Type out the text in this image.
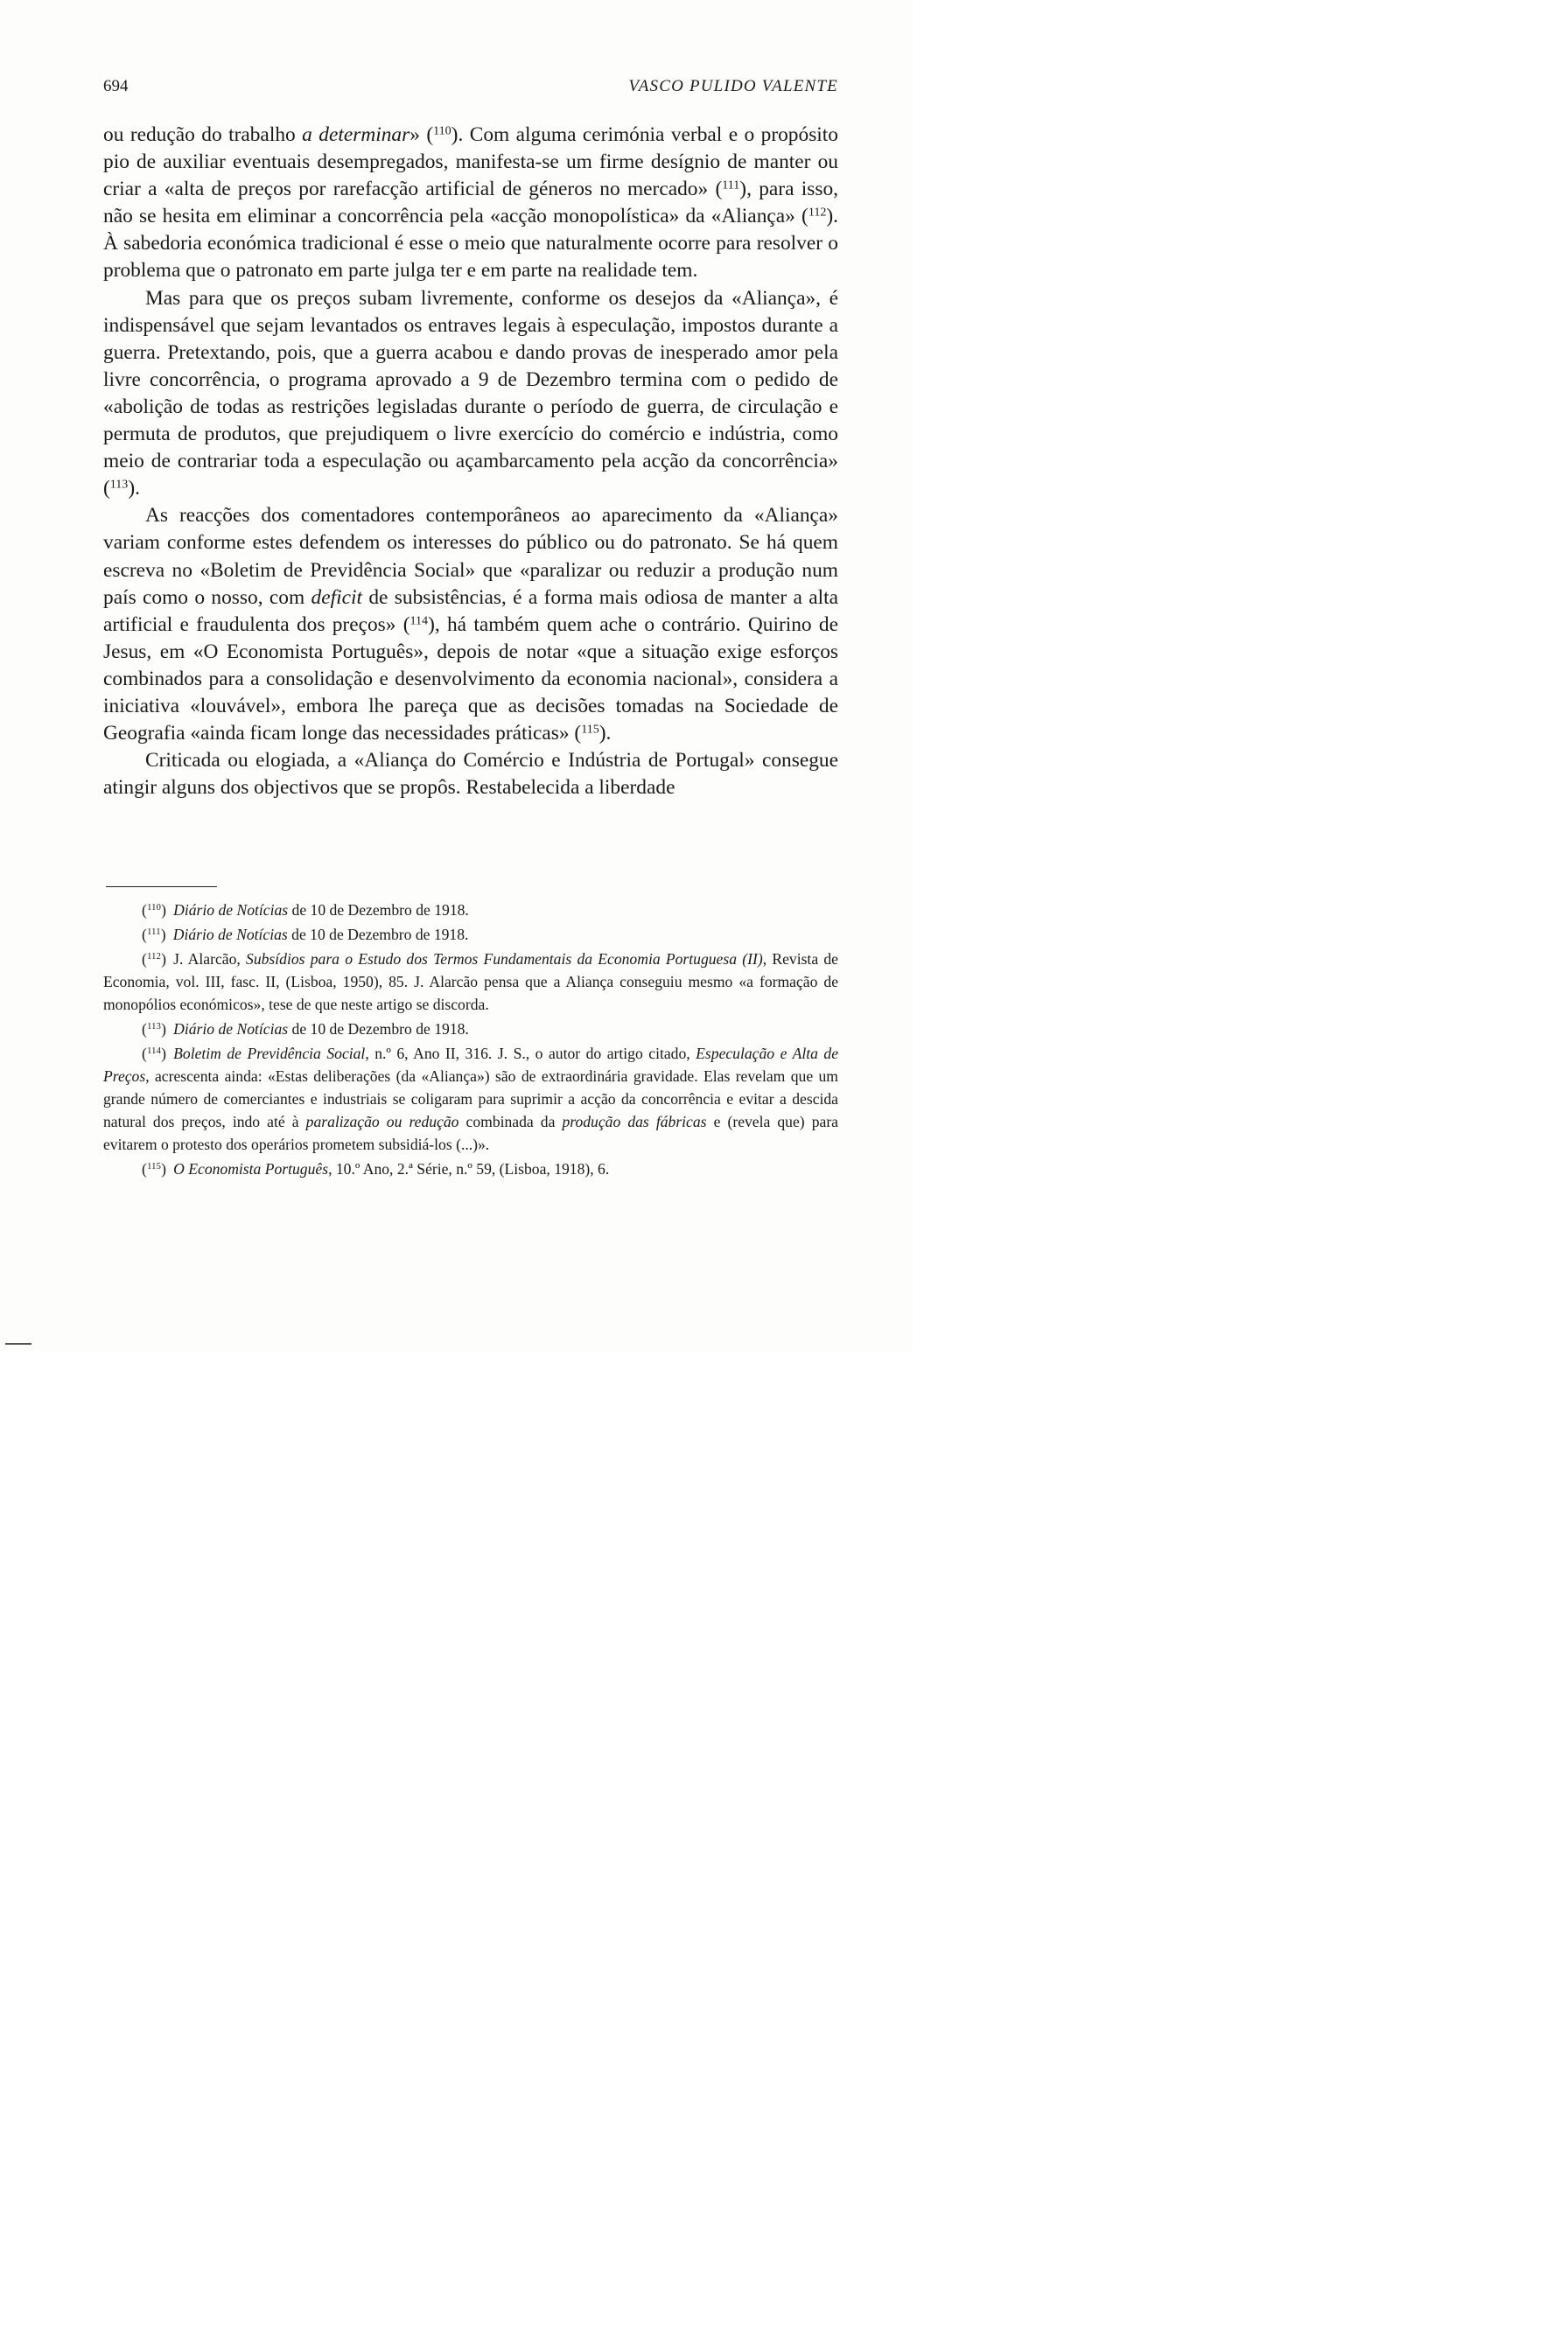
694	VASCO PULIDO VALENTE

ou redução do trabalho a determinar» ($^{110}$). Com alguma cerimónia verbal e o propósito pio de auxiliar eventuais desempregados, manifesta-se um firme desígnio de manter ou criar a «alta de preços por rarefacção artificial de géneros no mercado» ($^{111}$), para isso, não se hesita em eliminar a concorrência pela «acção monopolística» da «Aliança» ($^{112}$). À sabedoria económica tradicional é esse o meio que naturalmente ocorre para resolver o problema que o patronato em parte julga ter e em parte na realidade tem.

Mas para que os preços subam livremente, conforme os desejos da «Aliança», é indispensável que sejam levantados os entraves legais à especulação, impostos durante a guerra. Pretextando, pois, que a guerra acabou e dando provas de inesperado amor pela livre concorrência, o programa aprovado a 9 de Dezembro termina com o pedido de «abolição de todas as restrições legisladas durante o período de guerra, de circulação e permuta de produtos, que prejudiquem o livre exercício do comércio e indústria, como meio de contrariar toda a especulação ou açambarcamento pela acção da concorrência» ($^{113}$).

As reacções dos comentadores contemporâneos ao aparecimento da «Aliança» variam conforme estes defendem os interesses do público ou do patronato. Se há quem escreva no «Boletim de Previdência Social» que «paralizar ou reduzir a produção num país como o nosso, com deficit de subsistências, é a forma mais odiosa de manter a alta artificial e fraudulenta dos preços» ($^{114}$), há também quem ache o contrário. Quirino de Jesus, em «O Economista Português», depois de notar «que a situação exige esforços combinados para a consolidação e desenvolvimento da economia nacional», considera a iniciativa «louvável», embora lhe pareça que as decisões tomadas na Sociedade de Geografia «ainda ficam longe das necessidades práticas» ($^{115}$).

Criticada ou elogiada, a «Aliança do Comércio e Indústria de Portugal» consegue atingir alguns dos objectivos que se propôs. Restabelecida a liberdade

($^{110}$) Diário de Notícias de 10 de Dezembro de 1918.

($^{111}$) Diário de Notícias de 10 de Dezembro de 1918.

($^{112}$) J. Alarcão, Subsídios para o Estudo dos Termos Fundamentais da Economia Portuguesa (II), Revista de Economia, vol. III, fasc. II, (Lisboa, 1950), 85. J. Alarcão pensa que a Aliança conseguiu mesmo «a formação de monopólios económicos», tese de que neste artigo se discorda.

($^{113}$) Diário de Notícias de 10 de Dezembro de 1918.

($^{114}$) Boletim de Previdência Social, n.º 6, Ano II, 316. J. S., o autor do artigo citado, Especulação e Alta de Preços, acrescenta ainda: «Estas deliberações (da «Aliança») são de extraordinária gravidade. Elas revelam que um grande número de comerciantes e industriais se coligaram para suprimir a acção da concorrência e evitar a descida natural dos preços, indo até à paralização ou redução combinada da produção das fábricas e (revela que) para evitarem o protesto dos operários prometem subsidiá-los (...)».

($^{115}$) O Economista Português, 10.º Ano, 2.ª Série, n.º 59, (Lisboa, 1918), 6.
